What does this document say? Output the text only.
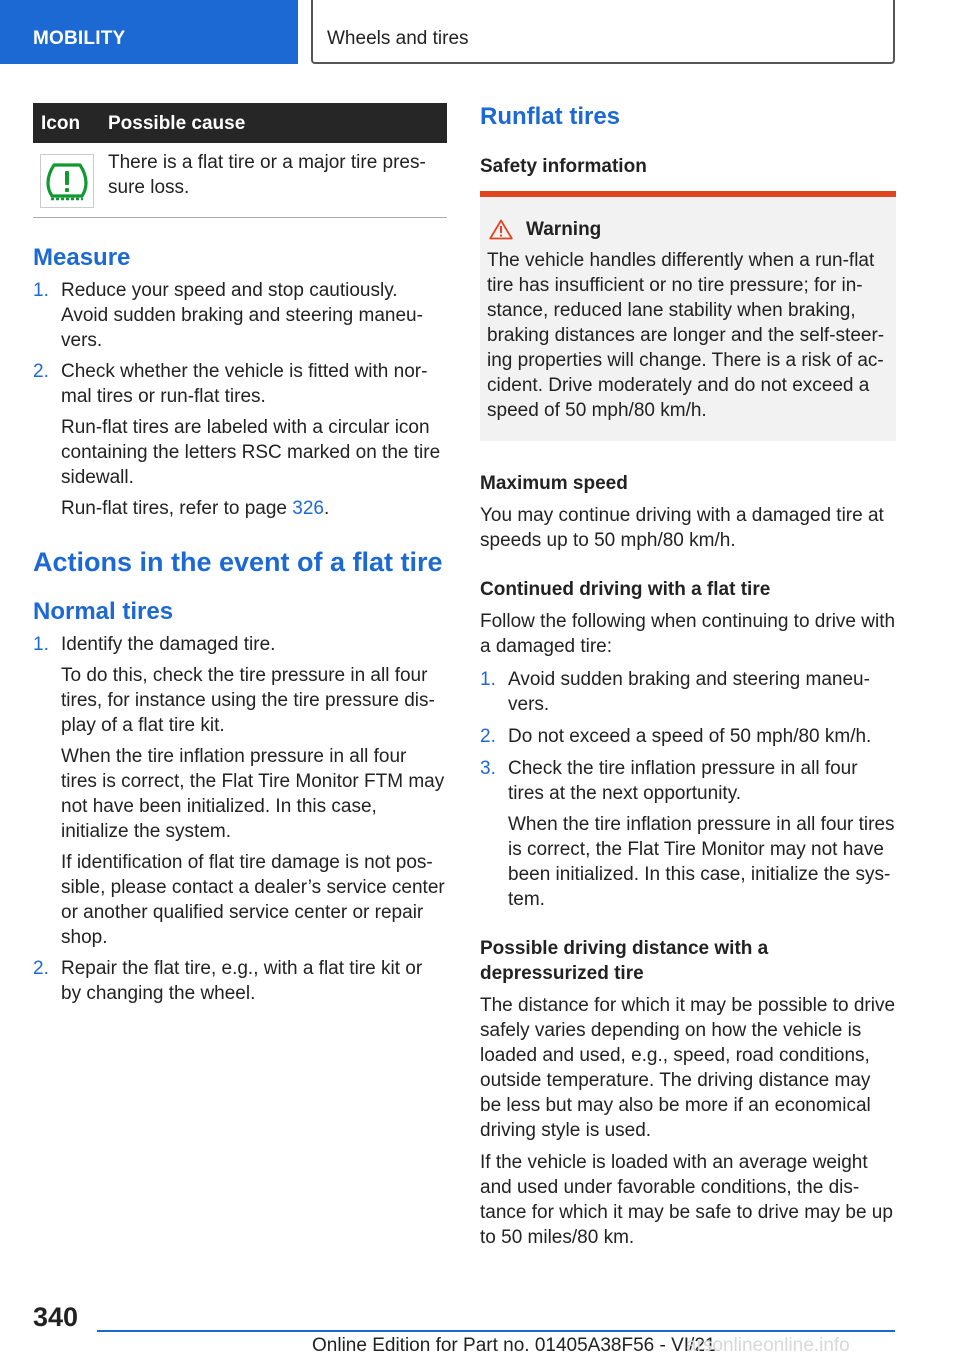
MOBILITY	Wheels and tires
Icon Possible cause
There is a flat tire or a major tire pres-sure loss.
Measure
1. Reduce your speed and stop cautiously. Avoid sudden braking and steering maneu-vers.

2. Check whether the vehicle is fitted with nor-mal tires or run-flat tires.

Run-flat tires are labeled with a circular icon containing the letters RSC marked on the tire sidewall.

Run-flat tires, refer to page 326.

Actions in the event of a flat tire
Normal tires
1. Identify the damaged tire.

To do this, check the tire pressure in all four tires, for instance using the tire pressure dis-play of a flat tire kit.

When the tire inflation pressure in all four tires is correct, the Flat Tire Monitor FTM may not have been initialized. In this case, initialize the system.

If identification of flat tire damage is not pos-sible, please contact a dealer’s service center or another qualified service center or repair shop.

2. Repair the flat tire, e.g., with a flat tire kit or by changing the wheel.

Runflat tires
Safety information
Warning

The vehicle handles differently when a run-flat tire has insufficient or no tire pressure; for in-stance, reduced lane stability when braking, braking distances are longer and the self-steer-ing properties will change. There is a risk of ac-cident. Drive moderately and do not exceed a speed of 50 mph/80 km/h.

Maximum speed

You may continue driving with a damaged tire at speeds up to 50 mph/80 km/h.

Continued driving with a flat tire

Follow the following when continuing to drive with a damaged tire:

1. Avoid sudden braking and steering maneu-vers.

2. Do not exceed a speed of 50 mph/80 km/h.

3. Check the tire inflation pressure in all four tires at the next opportunity.

When the tire inflation pressure in all four tires is correct, the Flat Tire Monitor may not have been initialized. In this case, initialize the sys-tem.

Possible driving distance with a depressurized tire

The distance for which it may be possible to drive safely varies depending on how the vehicle is loaded and used, e.g., speed, road conditions, outside temperature. The driving distance may be less but may also be more if an economical driving style is used.

If the vehicle is loaded with an average weight and used under favorable conditions, the dis-tance for which it may be safe to drive may be up to 50 miles/80 km.

340
Online Edition for Part no. 01405A38F56 - VI/21
arsonlineonline.info
